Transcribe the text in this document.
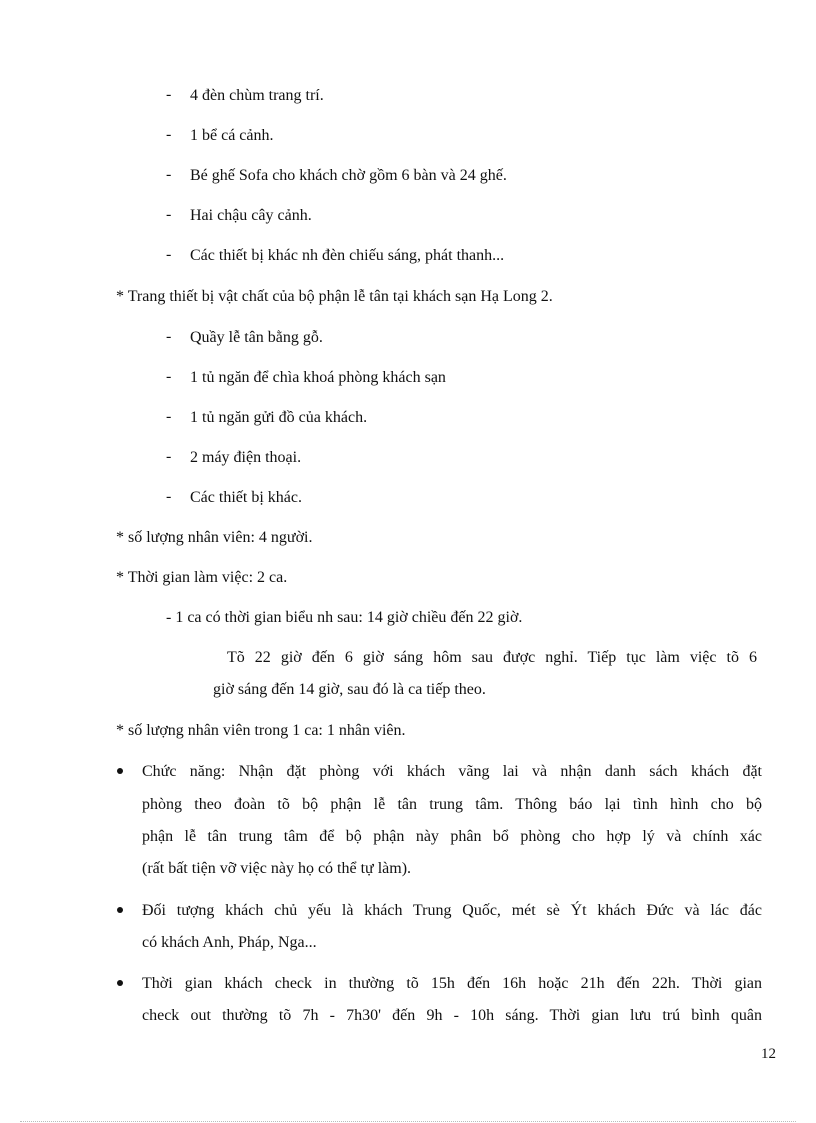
- 4 đèn chùm trang trí.
- 1 bể cá cảnh.
- Bé ghế Sofa cho khách chờ gồm 6 bàn và 24 ghế.
- Hai chậu cây cảnh.
- Các thiết bị khác nh đèn chiếu sáng, phát thanh...
* Trang thiết bị vật chất của bộ phận lễ tân tại khách sạn Hạ Long 2.
- Quầy lễ tân bằng gỗ.
- 1 tủ ngăn để chìa khoá phòng khách sạn
- 1 tủ ngăn gửi đồ của khách.
- 2 máy điện thoại.
- Các thiết bị khác.
* số lượng nhân viên: 4 người.
* Thời gian làm việc: 2 ca.
- 1 ca có thời gian biểu nh sau: 14 giờ chiều đến 22 giờ.
Tõ 22 giờ đến 6 giờ sáng hôm sau được nghỉ. Tiếp tục làm việc tõ 6
giờ sáng đến 14 giờ, sau đó là ca tiếp theo.
* số lượng nhân viên trong 1 ca: 1 nhân viên.
Chức năng: Nhận đặt phòng với khách vãng lai và nhận danh sách khách đặt
phòng theo đoàn tõ bộ phận lễ tân trung tâm. Thông báo lại tình hình cho bộ
phận lễ tân trung tâm để bộ phận này phân bổ phòng cho hợp lý và chính xác
(rất bất tiện vỡ việc này họ có thể tự làm).
Đối tượng khách chủ yếu là khách Trung Quốc, mét sè Ýt khách Đức và lác đác
có khách Anh, Pháp, Nga...
Thời gian khách check in thường tõ 15h đến 16h hoặc 21h đến 22h. Thời gian
check out thường tõ 7h - 7h30' đến 9h - 10h sáng. Thời gian lưu trú bình quân
12
